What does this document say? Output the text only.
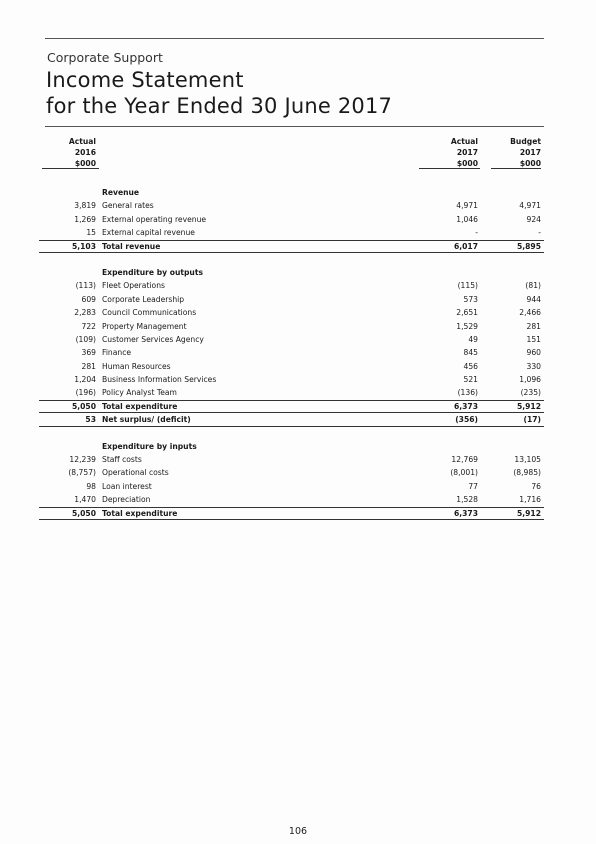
Corporate Support
Income Statement
for the Year Ended 30 June 2017
Actual	Actual	Budget
2016	2017	2017
$000	$000	$000
Revenue
3,819 General rates	4,971	4,971
1,269 External operating revenue	1,046	924
15 External capital revenue	-	-
5,103 Total revenue	6,017	5,895
Expenditure by outputs
(113) Fleet Operations	(115)	(81)
609 Corporate Leadership	573	944
2,283 Council Communications	2,651	2,466
722 Property Management	1,529	281
(109) Customer Services Agency	49	151
369 Finance	845	960
281 Human Resources	456	330
1,204 Business Information Services	521	1,096
(196) Policy Analyst Team	(136)	(235)
5,050 Total expenditure	6,373	5,912
53 Net surplus/ (deficit)	(356)	(17)
Expenditure by inputs
12,239 Staff costs	12,769	13,105
(8,757) Operational costs	(8,001)	(8,985)
98 Loan interest	77	76
1,470 Depreciation	1,528	1,716
5,050 Total expenditure	6,373	5,912
106
